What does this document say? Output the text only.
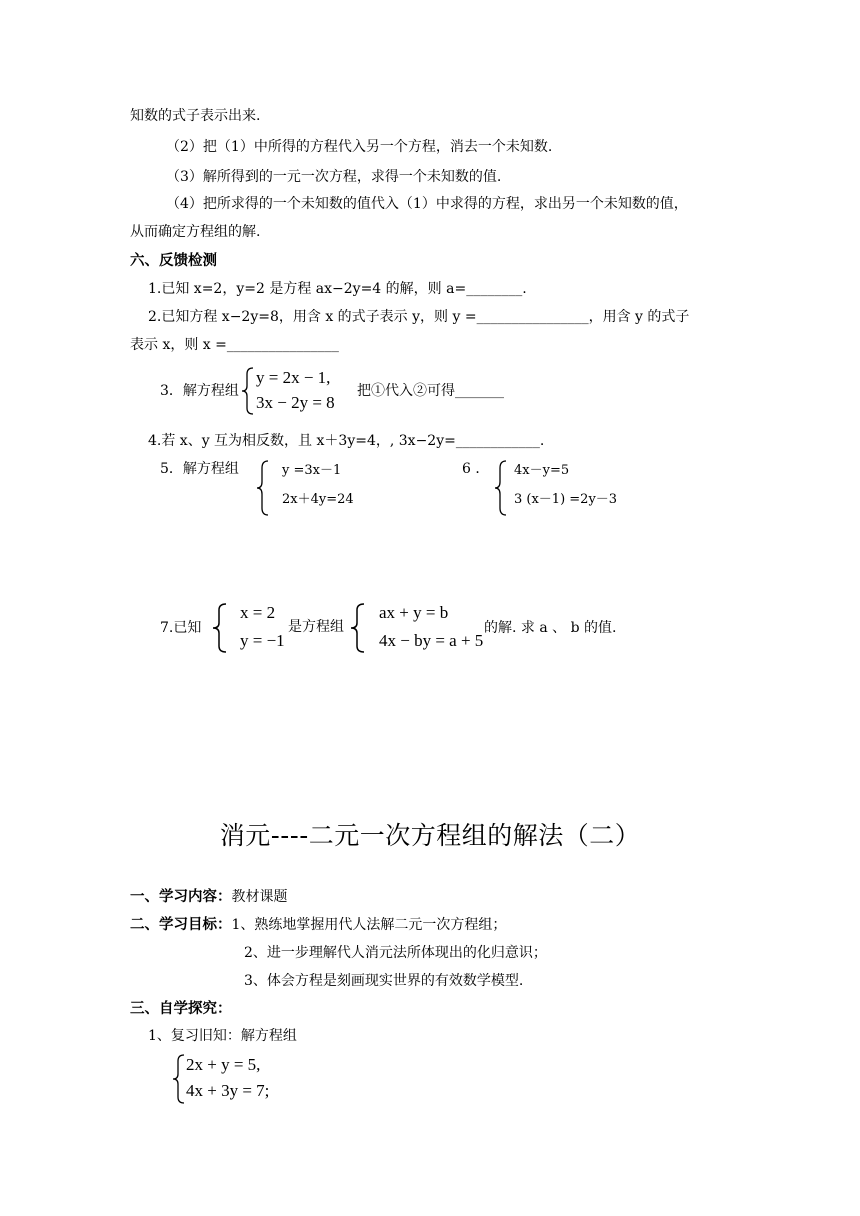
知数的式子表示出来.
（2）把（1）中所得的方程代入另一个方程，消去一个未知数.
（3）解所得到的一元一次方程，求得一个未知数的值.
（4）把所求得的一个未知数的值代入（1）中求得的方程，求出另一个未知数的值，
从而确定方程组的解.
六、反馈检测
1.已知 x=2，y=2 是方程 ax−2y=4 的解，则 a=________.
2.已知方程 x−2y=8，用含 x 的式子表示 y，则 y =________________，用含 y 的式子
表示 x，则 x =________________
3．解方程组
y = 2x − 1,
3x − 2y = 8
把①代入②可得_______
4.若 x、y 互为相反数，且 x＋3y=4，, 3x−2y=____________.
5．解方程组	y =3x－1
2x＋4y=24
6 ． 4x－y=5
3 (x－1) =2y－3
7.已知
x = 2
y = −1
是方程组
ax + y = b
4x − by = a + 5
的解. 求 a 、 b 的值.
消元----二元一次方程组的解法（二）
一、学习内容：教材课题
二、学习目标：1、熟练地掌握用代人法解二元一次方程组；
2、进一步理解代人消元法所体现出的化归意识；
3、体会方程是刻画现实世界的有效数学模型.
三、自学探究：
1、复习旧知：解方程组
2x + y = 5,
4x + 3y = 7;
